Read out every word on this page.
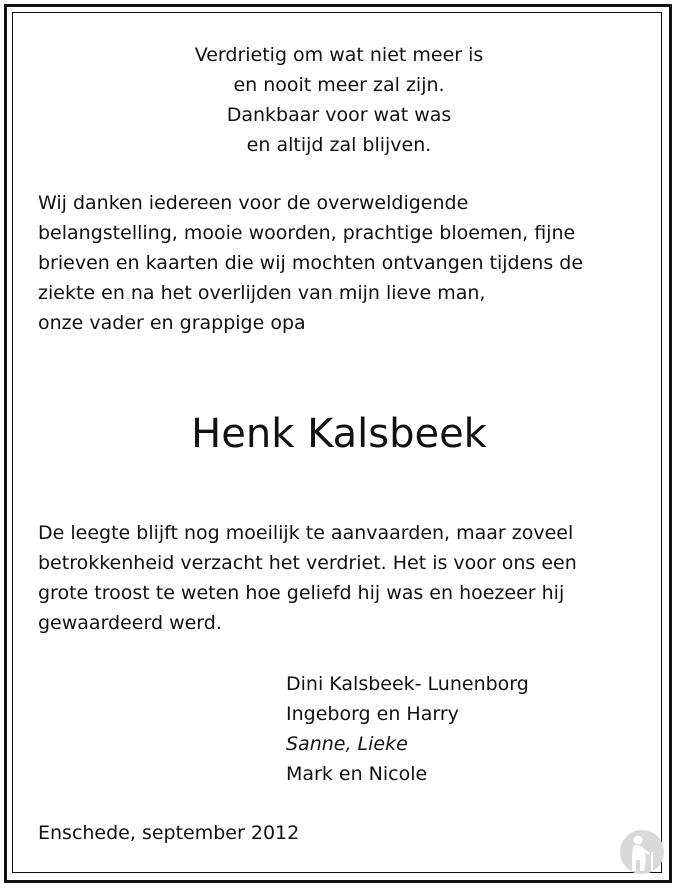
Verdrietig om wat niet meer is
en nooit meer zal zijn.
Dankbaar voor wat was
en altijd zal blijven.
Wij danken iedereen voor de overweldigende
belangstelling, mooie woorden, prachtige bloemen, fijne
brieven en kaarten die wij mochten ontvangen tijdens de
ziekte en na het overlijden van mijn lieve man,
onze vader en grappige opa
Henk Kalsbeek
De leegte blijft nog moeilijk te aanvaarden, maar zoveel
betrokkenheid verzacht het verdriet. Het is voor ons een
grote troost te weten hoe geliefd hij was en hoezeer hij
gewaardeerd werd.
Dini Kalsbeek- Lunenborg
Ingeborg en Harry
Sanne, Lieke
Mark en Nicole
Enschede, september 2012
